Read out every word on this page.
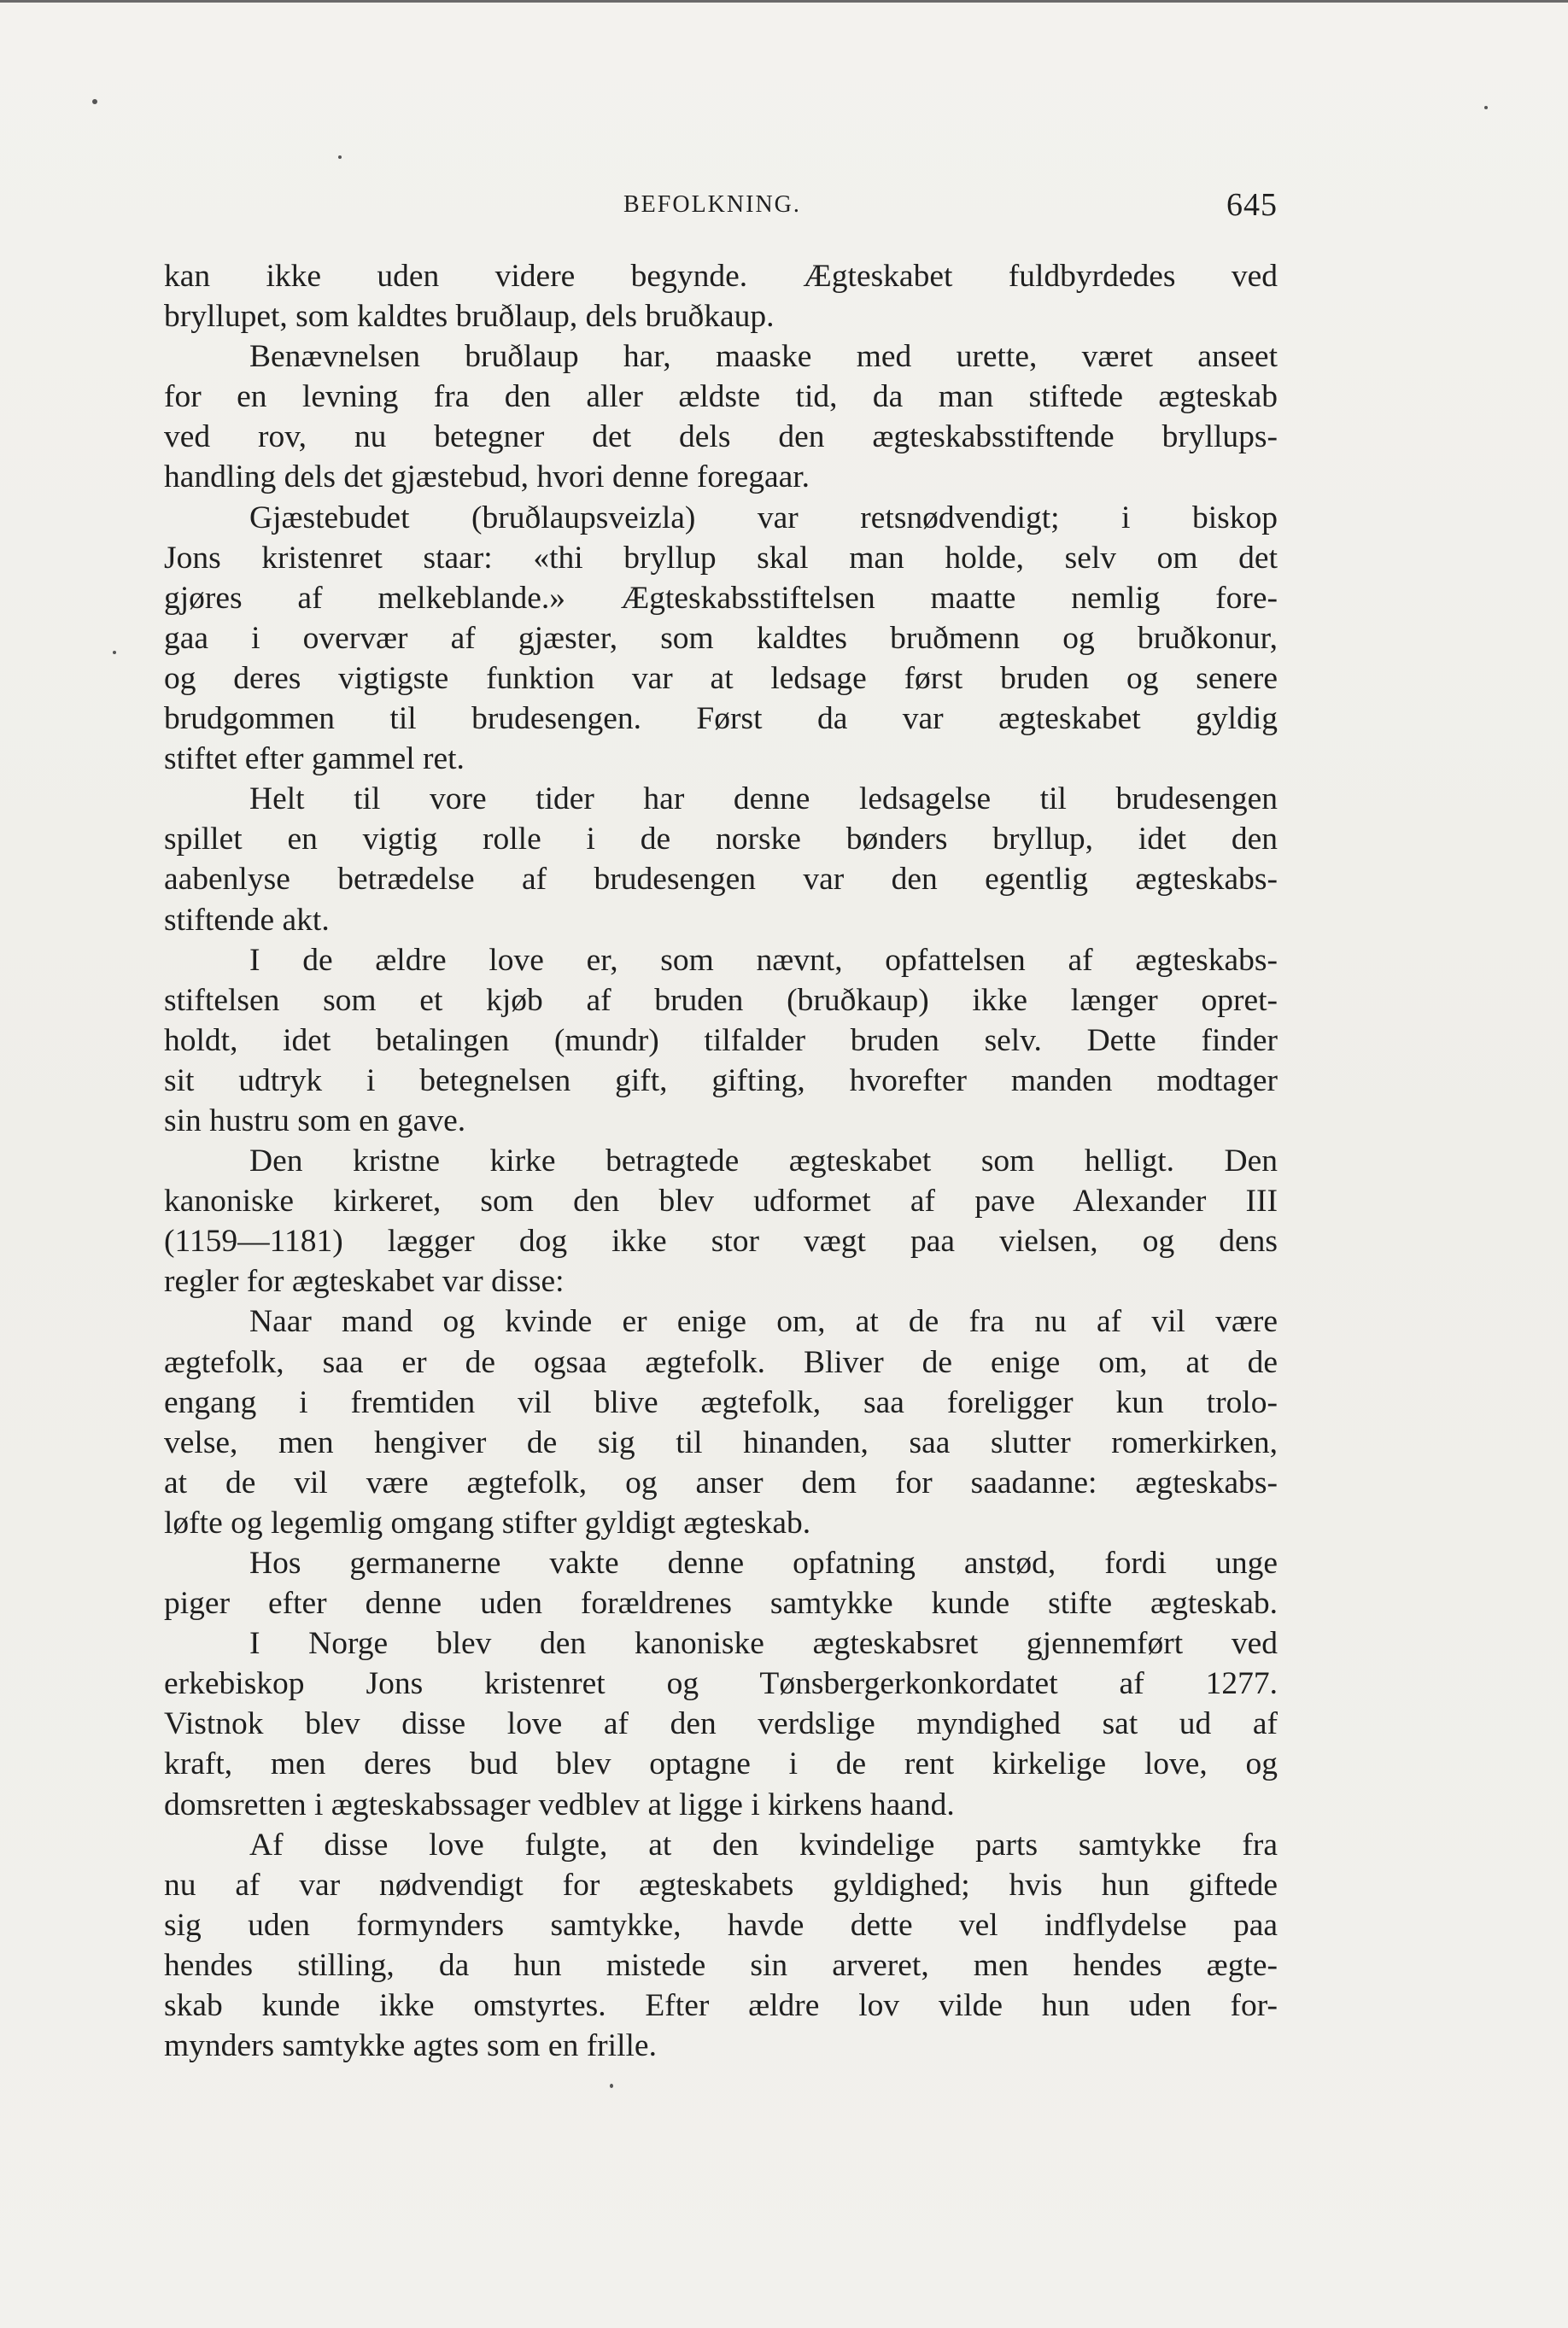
BEFOLKNING.	645
kan ikke uden videre begynde. Ægteskabet fuldbyrdedes ved
bryllupet, som kaldtes bruðlaup, dels bruðkaup.
Benævnelsen bruðlaup har, maaske med urette, været anseet
for en levning fra den aller ældste tid, da man stiftede ægteskab
ved rov, nu betegner det dels den ægteskabsstiftende bryllups-
handling dels det gjæstebud, hvori denne foregaar.
Gjæstebudet (bruðlaupsveizla) var retsnødvendigt; i biskop
Jons kristenret staar: «thi bryllup skal man holde, selv om det
gjøres af melkeblande.» Ægteskabsstiftelsen maatte nemlig fore-
gaa i overvær af gjæster, som kaldtes bruðmenn og bruðkonur,
og deres vigtigste funktion var at ledsage først bruden og senere
brudgommen til brudesengen. Først da var ægteskabet gyldig
stiftet efter gammel ret.
Helt til vore tider har denne ledsagelse til brudesengen
spillet en vigtig rolle i de norske bønders bryllup, idet den
aabenlyse betrædelse af brudesengen var den egentlig ægteskabs-
stiftende akt.
I de ældre love er, som nævnt, opfattelsen af ægteskabs-
stiftelsen som et kjøb af bruden (bruðkaup) ikke længer opret-
holdt, idet betalingen (mundr) tilfalder bruden selv. Dette finder
sit udtryk i betegnelsen gift, gifting, hvorefter manden modtager
sin hustru som en gave.
Den kristne kirke betragtede ægteskabet som helligt. Den
kanoniske kirkeret, som den blev udformet af pave Alexander III
(1159—1181) lægger dog ikke stor vægt paa vielsen, og dens
regler for ægteskabet var disse:
Naar mand og kvinde er enige om, at de fra nu af vil være
ægtefolk, saa er de ogsaa ægtefolk. Bliver de enige om, at de
engang i fremtiden vil blive ægtefolk, saa foreligger kun trolo-
velse, men hengiver de sig til hinanden, saa slutter romerkirken,
at de vil være ægtefolk, og anser dem for saadanne: ægteskabs-
løfte og legemlig omgang stifter gyldigt ægteskab.
Hos germanerne vakte denne opfatning anstød, fordi unge
piger efter denne uden forældrenes samtykke kunde stifte ægteskab.
I Norge blev den kanoniske ægteskabsret gjennemført ved
erkebiskop Jons kristenret og Tønsbergerkonkordatet af 1277.
Vistnok blev disse love af den verdslige myndighed sat ud af
kraft, men deres bud blev optagne i de rent kirkelige love, og
domsretten i ægteskabssager vedblev at ligge i kirkens haand.
Af disse love fulgte, at den kvindelige parts samtykke fra
nu af var nødvendigt for ægteskabets gyldighed; hvis hun giftede
sig uden formynders samtykke, havde dette vel indflydelse paa
hendes stilling, da hun mistede sin arveret, men hendes ægte-
skab kunde ikke omstyrtes. Efter ældre lov vilde hun uden for-
mynders samtykke agtes som en frille.
